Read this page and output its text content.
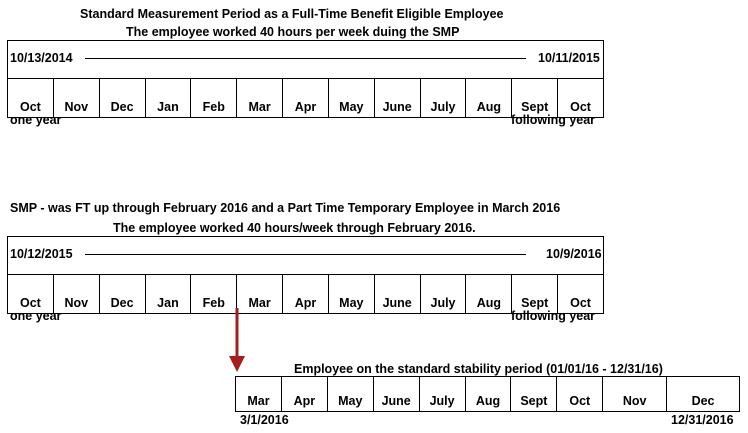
Standard Measurement Period as a Full-Time Benefit Eligible Employee
The employee worked 40 hours per week duing the SMP
10/13/2014	10/11/2015
Oct	Nov	Dec	Jan	Feb	Mar	Apr	May	June	July	Aug	Sept	Oct
one year	following year
SMP - was FT up through February 2016 and a Part Time Temporary Employee in March 2016
The employee worked 40 hours/week through February 2016.
10/12/2015	10/9/2016
Oct	Nov	Dec	Jan	Feb	Mar	Apr	May	June	July	Aug	Sept	Oct
one year	following year
Employee on the standard stability period (01/01/16 - 12/31/16)
Mar	Apr	May	June	July	Aug	Sept	Oct	Nov	Dec
3/1/2016	12/31/2016
